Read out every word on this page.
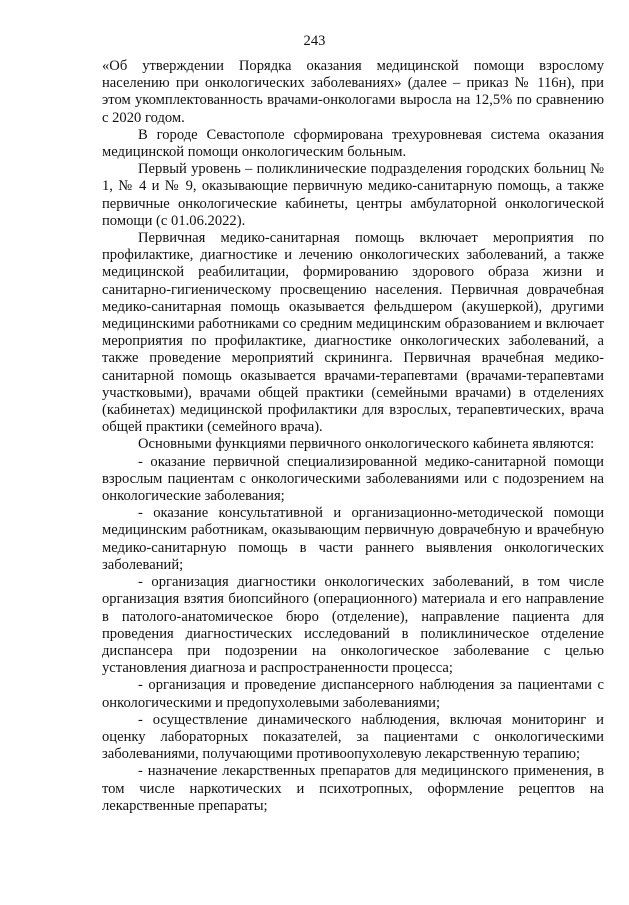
243

«Об утверждении Порядка оказания медицинской помощи взрослому населению при онкологических заболеваниях» (далее – приказ № 116н), при этом укомплектованность врачами-онкологами выросла на 12,5% по сравнению с 2020 годом.

В городе Севастополе сформирована трехуровневая система оказания медицинской помощи онкологическим больным.

Первый уровень – поликлинические подразделения городских больниц № 1, № 4 и № 9, оказывающие первичную медико-санитарную помощь, а также первичные онкологические кабинеты, центры амбулаторной онкологической помощи (с 01.06.2022).

Первичная медико-санитарная помощь включает мероприятия по профилактике, диагностике и лечению онкологических заболеваний, а также медицинской реабилитации, формированию здорового образа жизни и санитарно-гигиеническому просвещению населения. Первичная доврачебная медико-санитарная помощь оказывается фельдшером (акушеркой), другими медицинскими работниками со средним медицинским образованием и включает мероприятия по профилактике, диагностике онкологических заболеваний, а также проведение мероприятий скрининга. Первичная врачебная медико-санитарной помощь оказывается врачами-терапевтами (врачами-терапевтами участковыми), врачами общей практики (семейными врачами) в отделениях (кабинетах) медицинской профилактики для взрослых, терапевтических, врача общей практики (семейного врача).

Основными функциями первичного онкологического кабинета являются:

- оказание первичной специализированной медико-санитарной помощи взрослым пациентам с онкологическими заболеваниями или с подозрением на онкологические заболевания;

- оказание консультативной и организационно-методической помощи медицинским работникам, оказывающим первичную доврачебную и врачебную медико-санитарную помощь в части раннего выявления онкологических заболеваний;

- организация диагностики онкологических заболеваний, в том числе организация взятия биопсийного (операционного) материала и его направление в патолого-анатомическое бюро (отделение), направление пациента для проведения диагностических исследований в поликлиническое отделение диспансера при подозрении на онкологическое заболевание с целью установления диагноза и распространенности процесса;

- организация и проведение диспансерного наблюдения за пациентами с онкологическими и предопухолевыми заболеваниями;

- осуществление динамического наблюдения, включая мониторинг и оценку лабораторных показателей, за пациентами с онкологическими заболеваниями, получающими противоопухолевую лекарственную терапию;

- назначение лекарственных препаратов для медицинского применения, в том числе наркотических и психотропных, оформление рецептов на лекарственные препараты;
